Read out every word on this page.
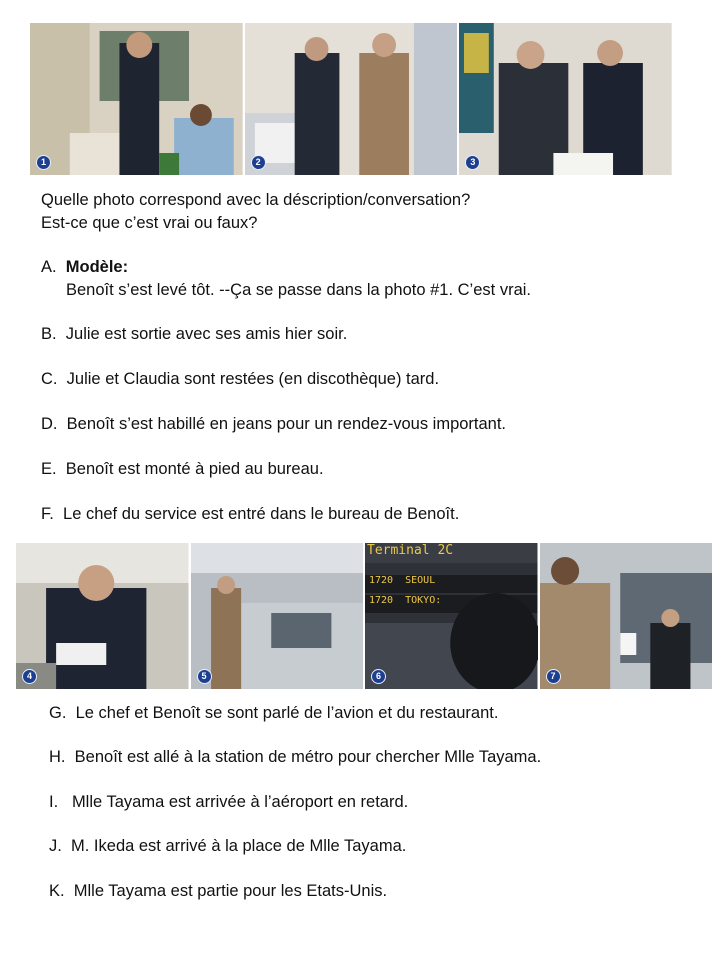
1	2	3
Quelle photo correspond avec la déscription/conversation?
Est-ce que c’est vrai ou faux?
A. Modèle:
Benoît s’est levé tôt. --Ça se passe dans la photo #1. C’est vrai.
B. Julie est sortie avec ses amis hier soir.
C. Julie et Claudia sont restées (en discothèque) tard.
D. Benoît s’est habillé en jeans pour un rendez-vous important.
E. Benoît est monté à pied au bureau.
F. Le chef du service est entré dans le bureau de Benoît.
4	5
Terminal 2C
1720  SEOUL
1720  TOKYO:
6	7
G. Le chef et Benoît se sont parlé de l’avion et du restaurant.
H. Benoît est allé à la station de métro pour chercher Mlle Tayama.
I. Mlle Tayama est arrivée à l’aéroport en retard.
J. M. Ikeda est arrivé à la place de Mlle Tayama.
K. Mlle Tayama est partie pour les Etats-Unis.
